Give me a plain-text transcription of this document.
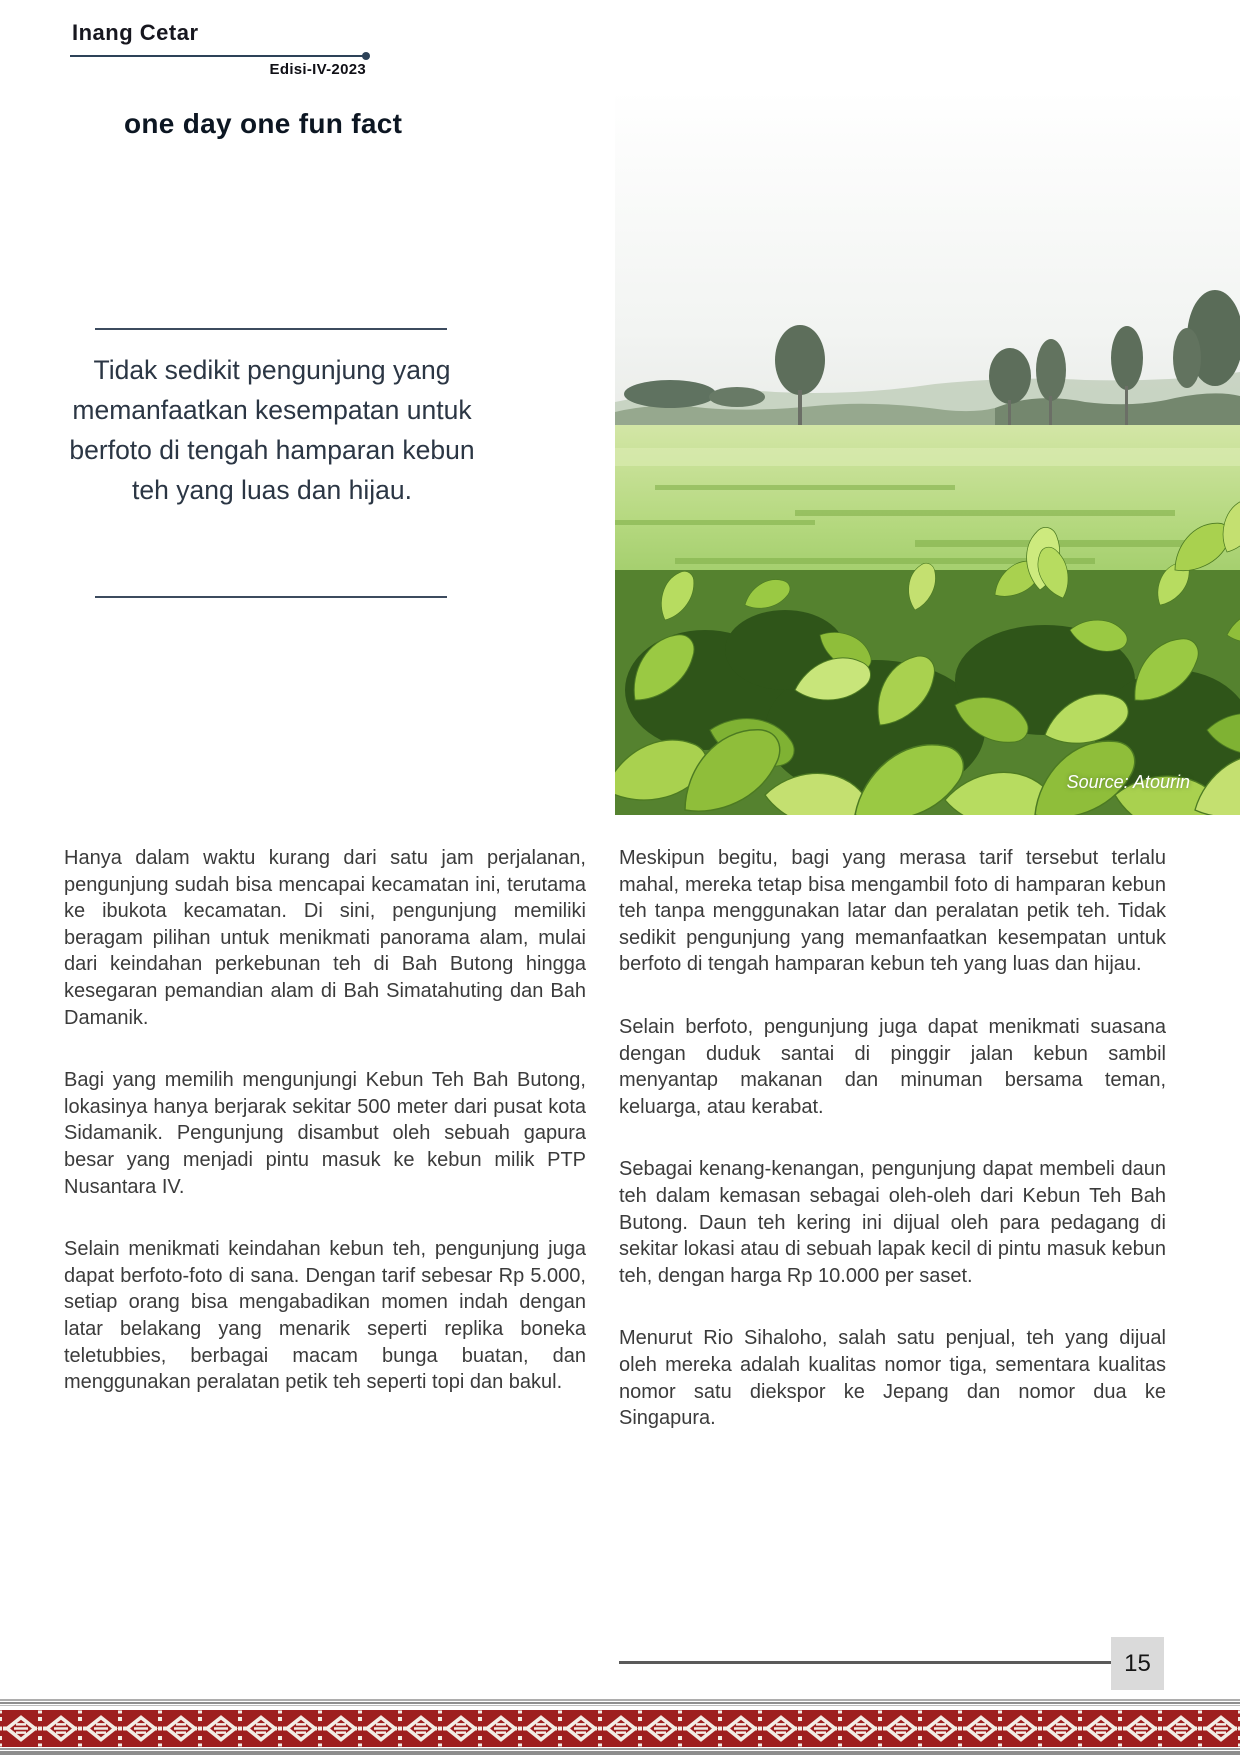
Inang Cetar
Edisi-IV-2023
one day one fun fact
Tidak sedikit pengunjung yang memanfaatkan kesempatan untuk berfoto di tengah hamparan kebun teh yang luas dan hijau.
Source: Atourin

Hanya dalam waktu kurang dari satu jam perjalanan, pengunjung sudah bisa mencapai kecamatan ini, terutama ke ibukota kecamatan. Di sini, pengunjung memiliki beragam pilihan untuk menikmati panorama alam, mulai dari keindahan perkebunan teh di Bah Butong hingga kesegaran pemandian alam di Bah Simatahuting dan Bah Damanik.

Bagi yang memilih mengunjungi Kebun Teh Bah Butong, lokasinya hanya berjarak sekitar 500 meter dari pusat kota Sidamanik. Pengunjung disambut oleh sebuah gapura besar yang menjadi pintu masuk ke kebun milik PTP Nusantara IV.

Selain menikmati keindahan kebun teh, pengunjung juga dapat berfoto-foto di sana. Dengan tarif sebesar Rp 5.000, setiap orang bisa mengabadikan momen indah dengan latar belakang yang menarik seperti replika boneka teletubbies, berbagai macam bunga buatan, dan menggunakan peralatan petik teh seperti topi dan bakul.

Meskipun begitu, bagi yang merasa tarif tersebut terlalu mahal, mereka tetap bisa mengambil foto di hamparan kebun teh tanpa menggunakan latar dan peralatan petik teh. Tidak sedikit pengunjung yang memanfaatkan kesempatan untuk berfoto di tengah hamparan kebun teh yang luas dan hijau.

Selain berfoto, pengunjung juga dapat menikmati suasana dengan duduk santai di pinggir jalan kebun sambil menyantap makanan dan minuman bersama teman, keluarga, atau kerabat.

Sebagai kenang-kenangan, pengunjung dapat membeli daun teh dalam kemasan sebagai oleh-oleh dari Kebun Teh Bah Butong. Daun teh kering ini dijual oleh para pedagang di sekitar lokasi atau di sebuah lapak kecil di pintu masuk kebun teh, dengan harga Rp 10.000 per saset.

Menurut Rio Sihaloho, salah satu penjual, teh yang dijual oleh mereka adalah kualitas nomor tiga, sementara kualitas nomor satu diekspor ke Jepang dan nomor dua ke Singapura.

15
